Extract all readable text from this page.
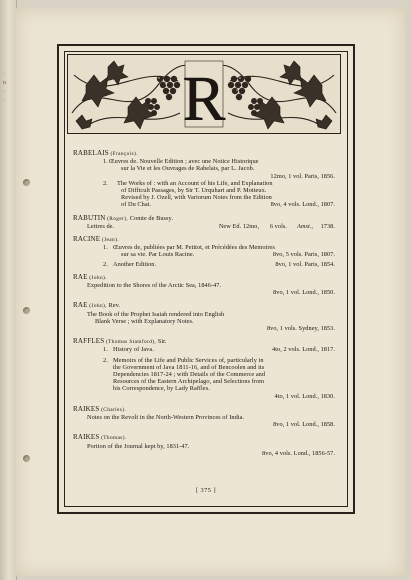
·
n
·
·	R
RABELAIS (François).
1. Œuvres de. Nouvelle Edition ; avec une Notice Historique
sur la Vie et les Ouvrages de Rabelais, par L. Jacob.
12mo, 1 vol. Paris, 1856.
2.	The Works of : with an Account of his Life, and Explanation
of Difficult Passages, by Sir T. Urquhart and P. Motteux.
Revised by J. Ozell, with Variorum Notes from the Edition
of Du Chat.	8vo, 4 vols. Lond., 1807.
RABUTIN (Roger), Comte de Bussy.
Lettres de.	New Ed. 12mo, 6 vols. Amst., 1738.
RACINE (Jean).
1. Œuvres de, publiées par M. Petitot, et Précédées des Memoires
sur sa vie. Par Louis Racine.	8vo, 5 vols. Paris, 1807.
2. Another Edition.	8vo, 1 vol. Paris, 1854.
RAE (John).
Expedition to the Shores of the Arctic Sea, 1846-47.
8vo, 1 vol. Lond., 1850.
RAE (John), Rev.
The Book of the Prophet Isaiah rendered into English
Blank Verse ; with Explanatory Notes.
8vo, 1 vols. Sydney, 1853.
RAFFLES (Thomas Stamford), Sir.
1. History of Java.	4to, 2 vols. Lond., 1817.
2. Memoirs of the Life and Public Services of, particularly in
the Government of Java 1811-16, and of Bencoolen and its
Dependencies 1817-24 ; with Details of the Commerce and
Resources of the Eastern Archipelago, and Selections from
his Correspondence, by Lady Raffles.
4to, 1 vol. Lond., 1830.
RAIKES (Charles).
Notes on the Revolt in the North-Western Provinces of India.
8vo, 1 vol. Lond., 1858.
RAIKES (Thomas).
Portion of the Journal kept by, 1831-47.
8vo, 4 vols. Lond., 1856-57.
[ 375 ]
